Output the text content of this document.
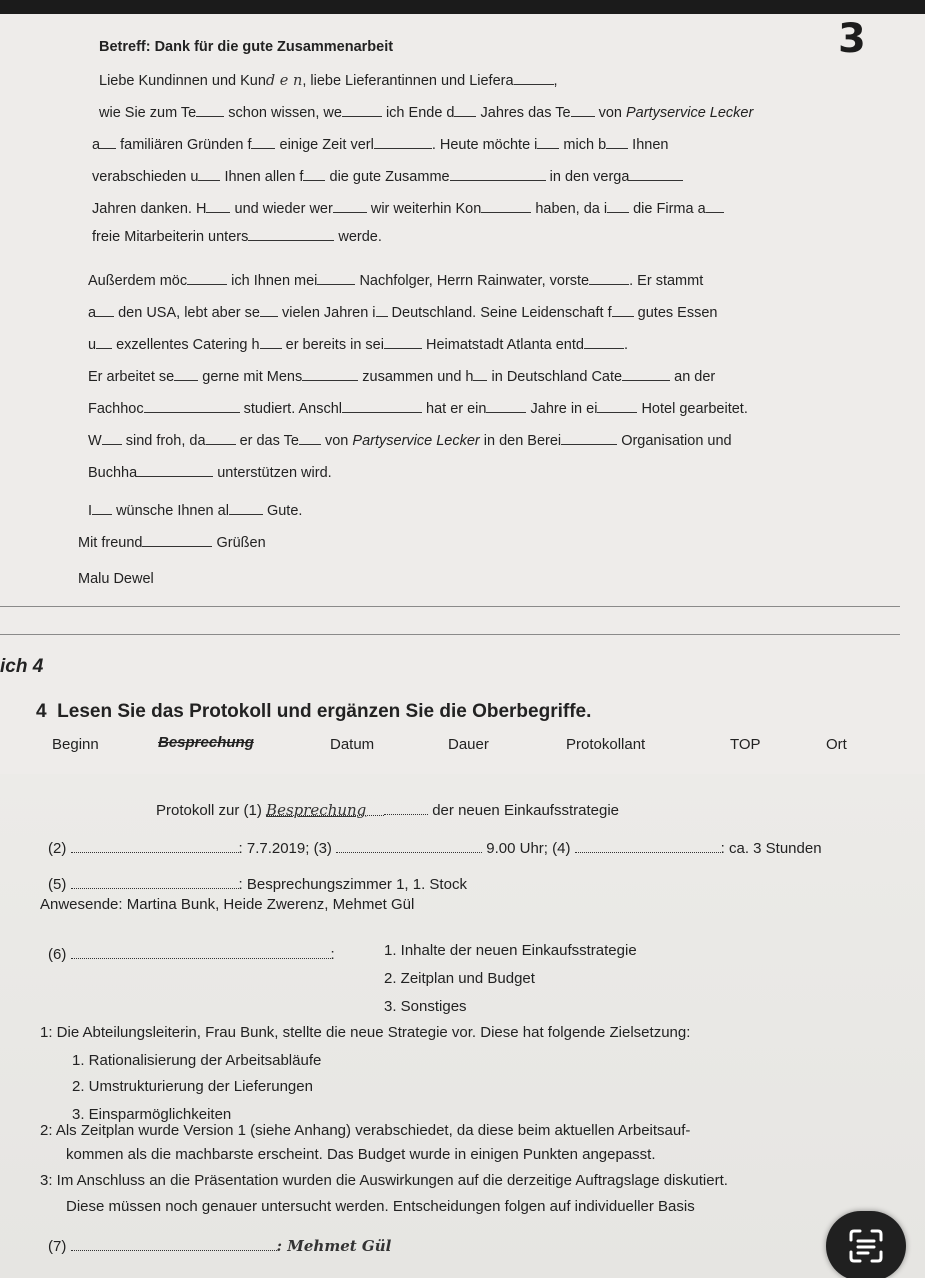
3
Betreff: Dank für die gute Zusammenarbeit
Liebe Kundinnen und Kund e n, liebe Lieferantinnen und Liefera	,
wie Sie zum Te schon wissen, we	ich Ende d Jahres das Te von Partyservice Lecker
a familiären Gründen f einige Zeit verl	. Heute möchte i mich b Ihnen
verabschieden u Ihnen allen f die gute Zusamme	in den verga
Jahren danken. H und wieder wer	wir weiterhin Kon	haben, da i die Firma a
freie Mitarbeiterin unters	werde.
Außerdem möc	ich Ihnen mei	Nachfolger, Herrn Rainwater, vorste	. Er stammt
a den USA, lebt aber se vielen Jahren i Deutschland. Seine Leidenschaft f gutes Essen
u exzellentes Catering h er bereits in sei	Heimatstadt Atlanta entd	.
Er arbeitet se gerne mit Mens	zusammen und h in Deutschland Cate	an der
Fachhoc	studiert. Anschl	hat er ein	Jahre in ei	Hotel gearbeitet.
W sind froh, da er das Te von Partyservice Lecker in den Berei	Organisation und
Buchha	unterstützen wird.
I wünsche Ihnen al	Gute.
Mit freund	Grüßen
Malu Dewel
ich 4
4 Lesen Sie das Protokoll und ergänzen Sie die Oberbegriffe.
Beginn	Besprechung	Datum	Dauer	Protokollant	TOP	Ort
Protokoll zur (1) Besprechung	der neuen Einkaufsstrategie
(2)	: 7.7.2019; (3)	9.00 Uhr; (4)	: ca. 3 Stunden
(5)	: Besprechungszimmer 1, 1. Stock
Anwesende: Martina Bunk, Heide Zwerenz, Mehmet Gül
(6)	:	1. Inhalte der neuen Einkaufsstrategie
2. Zeitplan und Budget
3. Sonstiges
1: Die Abteilungsleiterin, Frau Bunk, stellte die neue Strategie vor. Diese hat folgende Zielsetzung:
1. Rationalisierung der Arbeitsabläufe
2. Umstrukturierung der Lieferungen
3. Einsparmöglichkeiten
2: Als Zeitplan wurde Version 1 (siehe Anhang) verabschiedet, da diese beim aktuellen Arbeitsauf-
kommen als die machbarste erscheint. Das Budget wurde in einigen Punkten angepasst.
3: Im Anschluss an die Präsentation wurden die Auswirkungen auf die derzeitige Auftragslage diskutiert.
Diese müssen noch genauer untersucht werden. Entscheidungen folgen auf individueller Basis
(7)	: Mehmet Gül
